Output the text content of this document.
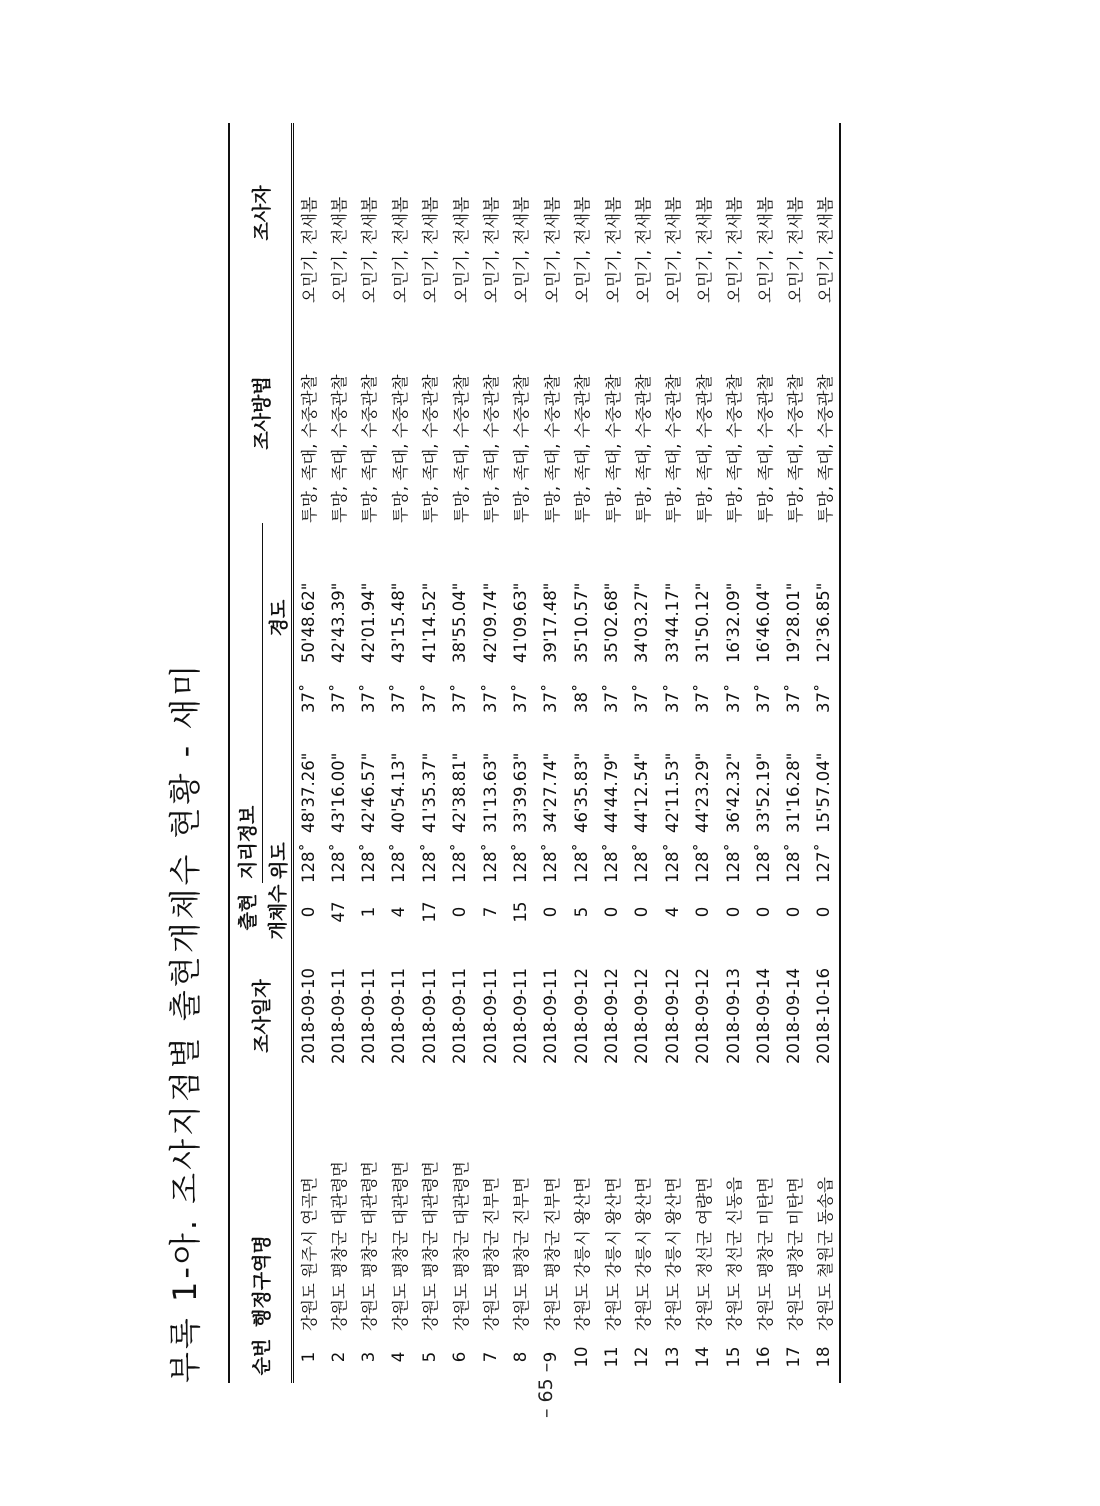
부록 1-아. 조사지점별 출현개체수 현황 - 새미 순번	행정구역명	조사일자	출현	지리정보				조사방법	조사자
			개체수	위도		경도			
1	강원도 원주시 연곡면	2018-09-10	0	128˚	48'37.26"	37˚	50'48.62"	투망, 족대, 수중관찰	오민기, 전새봄
2	강원도 평창군 대관령면	2018-09-11	47	128˚	43'16.00"	37˚	42'43.39"	투망, 족대, 수중관찰	오민기, 전새봄
3	강원도 평창군 대관령면	2018-09-11	1	128˚	42'46.57"	37˚	42'01.94"	투망, 족대, 수중관찰	오민기, 전새봄
4	강원도 평창군 대관령면	2018-09-11	4	128˚	40'54.13"	37˚	43'15.48"	투망, 족대, 수중관찰	오민기, 전새봄
5	강원도 평창군 대관령면	2018-09-11	17	128˚	41'35.37"	37˚	41'14.52"	투망, 족대, 수중관찰	오민기, 전새봄
6	강원도 평창군 대관령면	2018-09-11	0	128˚	42'38.81"	37˚	38'55.04"	투망, 족대, 수중관찰	오민기, 전새봄
7	강원도 평창군 진부면	2018-09-11	7	128˚	31'13.63"	37˚	42'09.74"	투망, 족대, 수중관찰	오민기, 전새봄
8	강원도 평창군 진부면	2018-09-11	15	128˚	33'39.63"	37˚	41'09.63"	투망, 족대, 수중관찰	오민기, 전새봄
9	강원도 평창군 진부면	2018-09-11	0	128˚	34'27.74"	37˚	39'17.48"	투망, 족대, 수중관찰	오민기, 전새봄
10	강원도 강릉시 왕산면	2018-09-12	5	128˚	46'35.83"	38˚	35'10.57"	투망, 족대, 수중관찰	오민기, 전새봄
11	강원도 강릉시 왕산면	2018-09-12	0	128˚	44'44.79"	37˚	35'02.68"	투망, 족대, 수중관찰	오민기, 전새봄
12	강원도 강릉시 왕산면	2018-09-12	0	128˚	44'12.54"	37˚	34'03.27"	투망, 족대, 수중관찰	오민기, 전새봄
13	강원도 강릉시 왕산면	2018-09-12	4	128˚	42'11.53"	37˚	33'44.17"	투망, 족대, 수중관찰	오민기, 전새봄
14	강원도 정선군 여량면	2018-09-12	0	128˚	44'23.29"	37˚	31'50.12"	투망, 족대, 수중관찰	오민기, 전새봄
15	강원도 정선군 신동읍	2018-09-13	0	128˚	36'42.32"	37˚	16'32.09"	투망, 족대, 수중관찰	오민기, 전새봄
16	강원도 평창군 미탄면	2018-09-14	0	128˚	33'52.19"	37˚	16'46.04"	투망, 족대, 수중관찰	오민기, 전새봄
17	강원도 평창군 미탄면	2018-09-14	0	128˚	31'16.28"	37˚	19'28.01"	투망, 족대, 수중관찰	오민기, 전새봄
18	강원도 철원군 동송읍	2018-10-16	0	127˚	15'57.04"	37˚	12'36.85"	투망, 족대, 수중관찰	오민기, 전새봄
– 65 –
